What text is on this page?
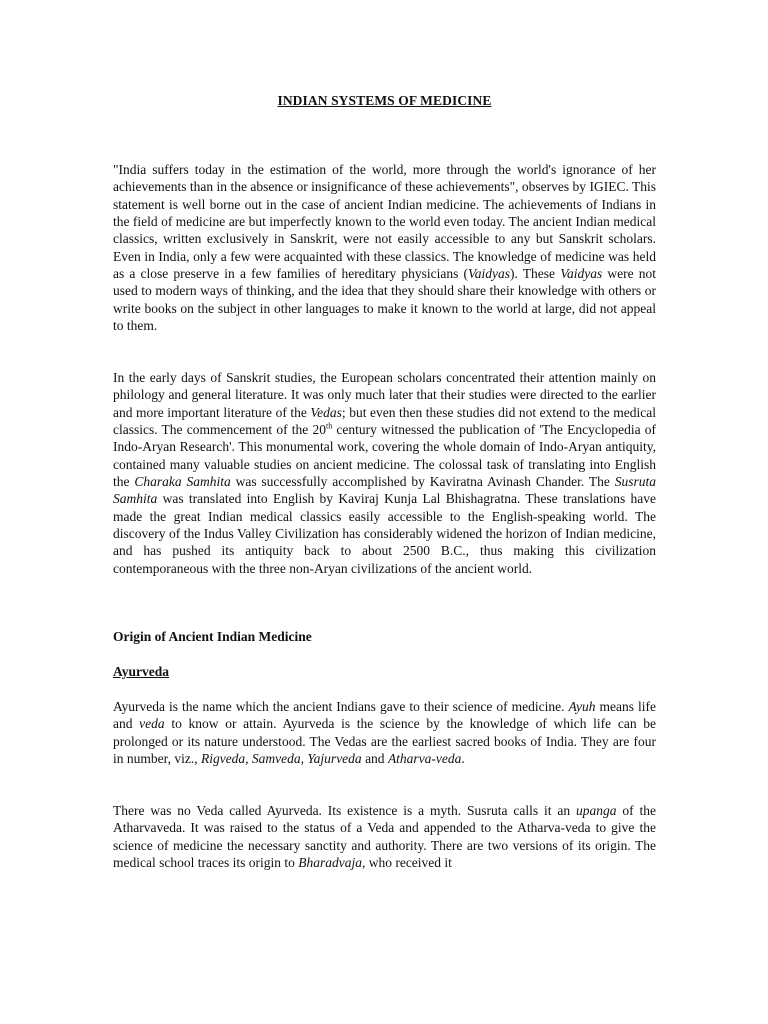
INDIAN SYSTEMS OF MEDICINE

"India suffers today in the estimation of the world, more through the world's ignorance of her achievements than in the absence or insignificance of these achievements", observes by IGIEC. This statement is well borne out in the case of ancient Indian medicine. The achievements of Indians in the field of medicine are but imperfectly known to the world even today. The ancient Indian medical classics, written exclusively in Sanskrit, were not easily accessible to any but Sanskrit scholars. Even in India, only a few were acquainted with these classics. The knowledge of medicine was held as a close preserve in a few families of hereditary physicians (Vaidyas). These Vaidyas were not used to modern ways of thinking, and the idea that they should share their knowledge with others or write books on the subject in other languages to make it known to the world at large, did not appeal to them.

In the early days of Sanskrit studies, the European scholars concentrated their attention mainly on philology and general literature. It was only much later that their studies were directed to the earlier and more important literature of the Vedas; but even then these studies did not extend to the medical classics. The commencement of the 20th century witnessed the publication of 'The Encyclopedia of Indo-Aryan Research'. This monumental work, covering the whole domain of Indo-Aryan antiquity, contained many valuable studies on ancient medicine. The colossal task of translating into English the Charaka Samhita was successfully accomplished by Kaviratna Avinash Chander. The Susruta Samhita was translated into English by Kaviraj Kunja Lal Bhishagratna. These translations have made the great Indian medical classics easily accessible to the English-speaking world. The discovery of the Indus Valley Civilization has considerably widened the horizon of Indian medicine, and has pushed its antiquity back to about 2500 B.C., thus making this civilization contemporaneous with the three non-Aryan civilizations of the ancient world.

Origin of Ancient Indian Medicine
Ayurveda

Ayurveda is the name which the ancient Indians gave to their science of medicine. Ayuh means life and veda to know or attain. Ayurveda is the science by the knowledge of which life can be prolonged or its nature understood. The Vedas are the earliest sacred books of India. They are four in number, viz., Rigveda, Samveda, Yajurveda and Atharva-veda.

There was no Veda called Ayurveda. Its existence is a myth. Susruta calls it an upanga of the Atharvaveda. It was raised to the status of a Veda and appended to the Atharva-veda to give the science of medicine the necessary sanctity and authority. There are two versions of its origin. The medical school traces its origin to Bharadvaja, who received it
